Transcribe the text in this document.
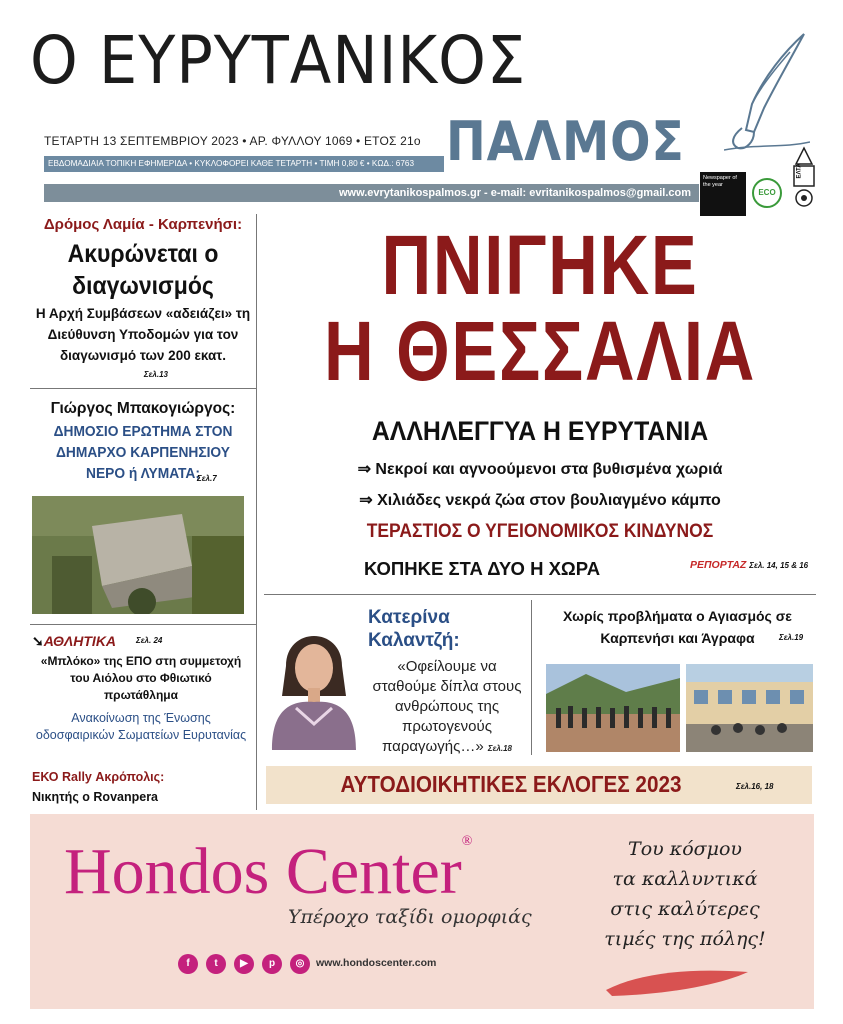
Ο ΕΥΡΥΤΑΝΙΚΟΣ
ΤΕΤΑΡΤΗ 13 ΣΕΠΤΕΜΒΡΙΟΥ 2023 • ΑΡ. ΦΥΛΛΟΥ 1069 • ΕΤΟΣ 21ο ΠΑΛΜΟΣ
ΕΒΔΟΜΑΔΙΑΙΑ ΤΟΠΙΚΗ ΕΦΗΜΕΡΙΔΑ • ΚΥΚΛΟΦΟΡΕΙ ΚΑΘΕ ΤΕΤΑΡΤΗ • ΤΙΜΗ 0,80 € • ΚΩΔ.: 6763
www.evrytanikospalmos.gr - e-mail: evritanikospalmos@gmail.com
Newspaper of the year
ECO
ΕΛΤΑ
Δρόμος Λαμία - Καρπενήσι:
Ακυρώνεται ο διαγωνισμός
Η Αρχή Συμβάσεων «αδειάζει» τη Διεύθυνση Υποδομών για τον διαγωνισμό των 200 εκατ.
Σελ.13
Γιώργος Μπακογιώργος:
ΔΗΜΟΣΙΟ ΕΡΩΤΗΜΑ ΣΤΟΝ ΔΗΜΑΡΧΟ ΚΑΡΠΕΝΗΣΙΟΥ ΝΕΡΟ ή ΛΥΜΑΤΑ;
Σελ.7
➘ΑΘΛΗΤΙΚΑ Σελ. 24
«Μπλόκο» της ΕΠΟ στη συμμετοχή του Αιόλου στο Φθιωτικό πρωτάθλημα
Ανακοίνωση της Ένωσης οδοσφαιρικών Σωματείων Ευρυτανίας
ΕΚΟ Rally Ακρόπολις:
Νικητής ο Rovanpera
ΠΝΙΓΗΚΕ
Η ΘΕΣΣΑΛΙΑ
ΑΛΛΗΛΕΓΓΥΑ Η ΕΥΡΥΤΑΝΙΑ
⇒ Νεκροί και αγνοούμενοι στα βυθισμένα χωριά
⇒ Χιλιάδες νεκρά ζώα στον βουλιαγμένο κάμπο
ΤΕΡΑΣΤΙΟΣ Ο ΥΓΕΙΟΝΟΜΙΚΟΣ ΚΙΝΔΥΝΟΣ
ΚΟΠΗΚΕ ΣΤΑ ΔΥΟ Η ΧΩΡΑ	ΡΕΠΟΡΤΑΖ Σελ. 14, 15 & 16
Κατερίνα Καλαντζή:
«Οφείλουμε να σταθούμε δίπλα στους ανθρώπους της πρωτογενούς παραγωγής…» Σελ.18
Χωρίς προβλήματα ο Αγιασμός σε Καρπενήσι και Άγραφα	Σελ.19
ΑΥΤΟΔΙΟΙΚΗΤΙΚΕΣ ΕΚΛΟΓΕΣ 2023	Σελ.16, 18
Hondos Center®
Υπέροχο ταξίδι ομορφιάς
f	t	▶	p	◎	www.hondoscenter.com
Του κόσμου
τα καλλυντικά
στις καλύτερες
τιμές της πόλης!
